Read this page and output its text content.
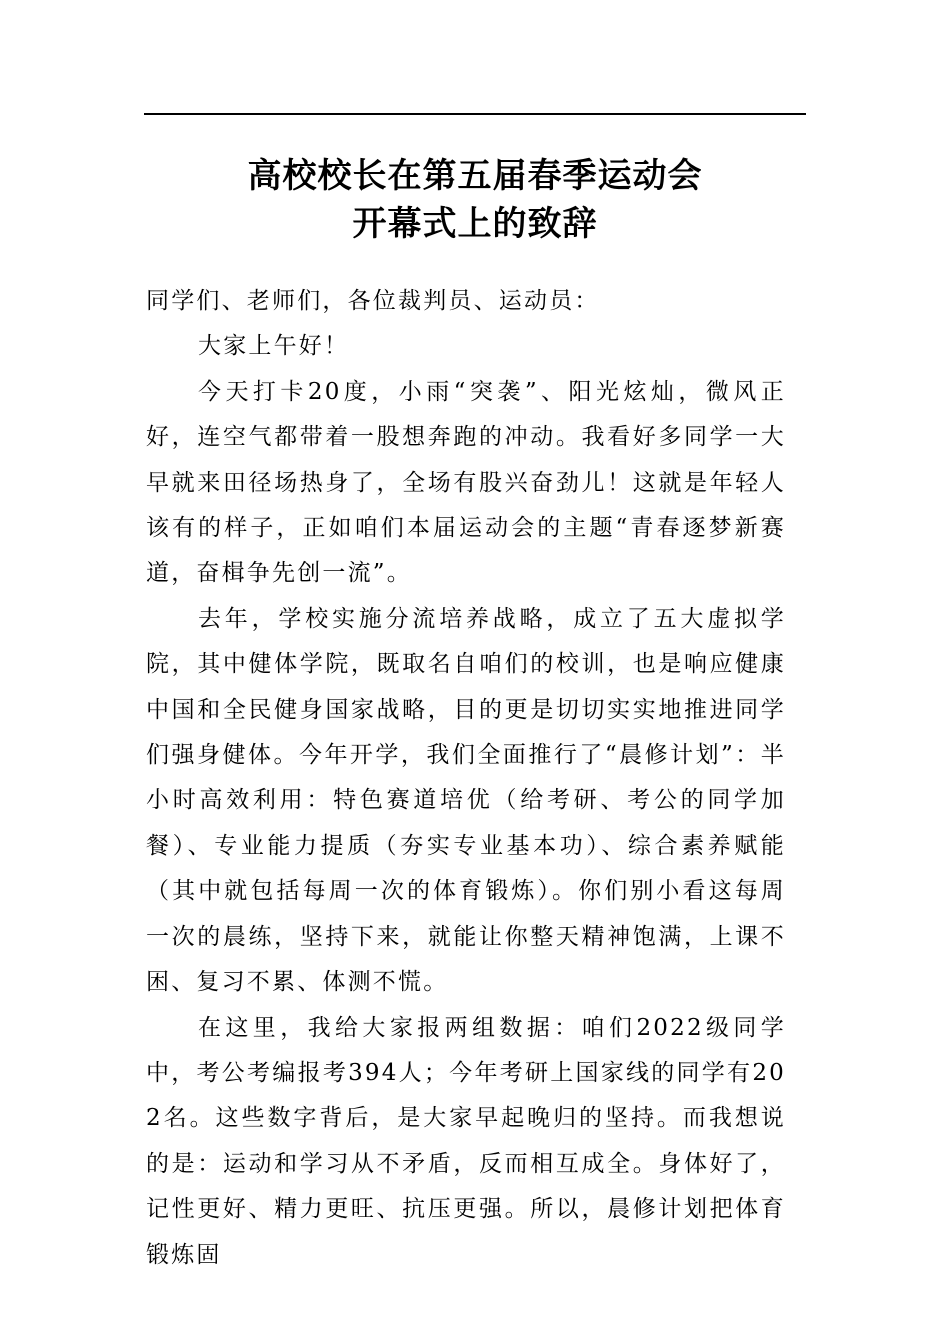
高校校长在第五届春季运动会
开幕式上的致辞

同学们、老师们，各位裁判员、运动员：

大家上午好！

今天打卡20度，小雨“突袭”、阳光炫灿，微风正好，连空气都带着一股想奔跑的冲动。我看好多同学一大早就来田径场热身了，全场有股兴奋劲儿！这就是年轻人该有的样子，正如咱们本届运动会的主题“青春逐梦新赛道，奋楫争先创一流”。

去年，学校实施分流培养战略，成立了五大虚拟学院，其中健体学院，既取名自咱们的校训，也是响应健康中国和全民健身国家战略，目的更是切切实实地推进同学们强身健体。今年开学，我们全面推行了“晨修计划”：半小时高效利用：特色赛道培优（给考研、考公的同学加餐）、专业能力提质（夯实专业基本功）、综合素养赋能（其中就包括每周一次的体育锻炼）。你们别小看这每周一次的晨练，坚持下来，就能让你整天精神饱满，上课不困、复习不累、体测不慌。

在这里，我给大家报两组数据：咱们2022级同学中，考公考编报考394人；今年考研上国家线的同学有202名。这些数字背后，是大家早起晚归的坚持。而我想说的是：运动和学习从不矛盾，反而相互成全。身体好了，记性更好、精力更旺、抗压更强。所以，晨修计划把体育锻炼固
